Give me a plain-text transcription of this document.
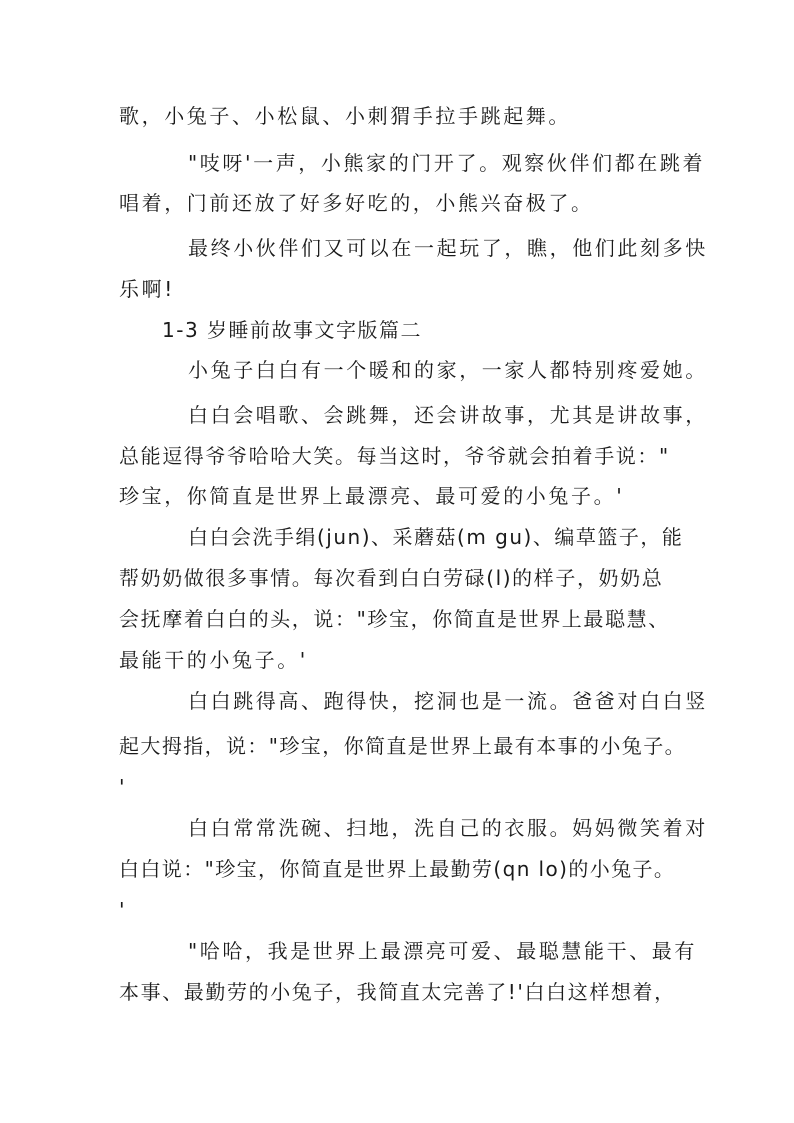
歌，小兔子、小松鼠、小刺猬手拉手跳起舞。
"吱呀'一声，小熊家的门开了。观察伙伴们都在跳着
唱着，门前还放了好多好吃的，小熊兴奋极了。
最终小伙伴们又可以在一起玩了，瞧，他们此刻多快
乐啊!
1-3 岁睡前故事文字版篇二
小兔子白白有一个暖和的家，一家人都特别疼爱她。
白白会唱歌、会跳舞，还会讲故事，尤其是讲故事，
总能逗得爷爷哈哈大笑。每当这时，爷爷就会拍着手说："
珍宝，你简直是世界上最漂亮、最可爱的小兔子。'
白白会洗手绢(jun)、采蘑菇(m gu)、编草篮子，能
帮奶奶做很多事情。每次看到白白劳碌(l)的样子，奶奶总
会抚摩着白白的头，说："珍宝，你简直是世界上最聪慧、
最能干的小兔子。'
白白跳得高、跑得快，挖洞也是一流。爸爸对白白竖
起大拇指，说："珍宝，你简直是世界上最有本事的小兔子。
'
白白常常洗碗、扫地，洗自己的衣服。妈妈微笑着对
白白说："珍宝，你简直是世界上最勤劳(qn lo)的小兔子。
'
"哈哈，我是世界上最漂亮可爱、最聪慧能干、最有
本事、最勤劳的小兔子，我简直太完善了!'白白这样想着，
